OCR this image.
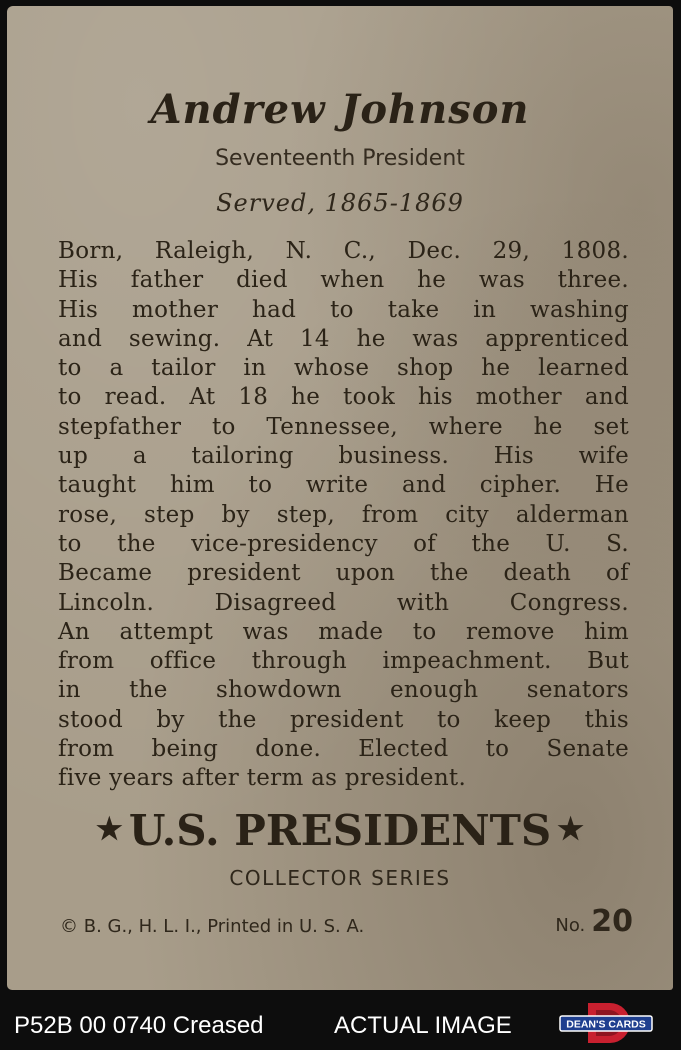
Andrew Johnson
Seventeenth President
Served, 1865-1869
Born, Raleigh, N. C., Dec. 29, 1808.
His father died when he was three.
His mother had to take in washing
and sewing. At 14 he was apprenticed
to a tailor in whose shop he learned
to read. At 18 he took his mother and
stepfather to Tennessee, where he set
up a tailoring business. His wife
taught him to write and cipher. He
rose, step by step, from city alderman
to the vice-presidency of the U. S.
Became president upon the death of
Lincoln. Disagreed with Congress.
An attempt was made to remove him
from office through impeachment. But
in the showdown enough senators
stood by the president to keep this
from being done. Elected to Senate
five years after term as president.
★ U.S. PRESIDENTS ★
COLLECTOR SERIES
© B. G., H. L. I., Printed in U. S. A.	No. 20
P52B 00 0740 Creased	ACTUAL IMAGE	DEAN'S CARDS
